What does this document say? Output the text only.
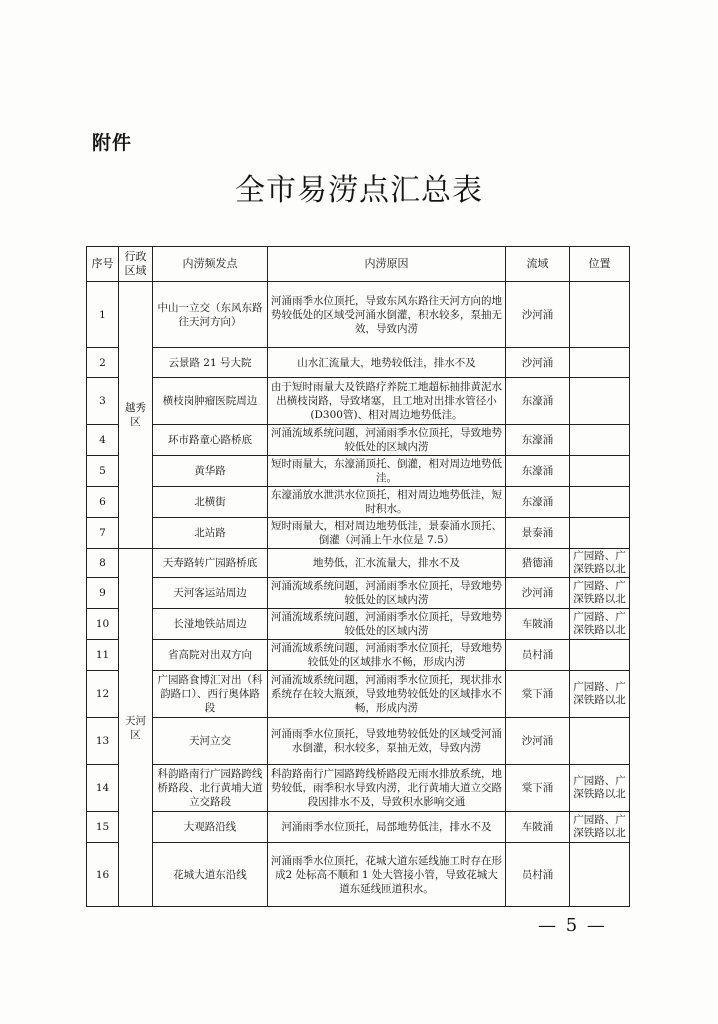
附件
全市易涝点汇总表
序号	行政区域	内涝频发点	内涝原因	流域	位置
1	越秀区	中山一立交（东风东路往天河方向）	河涌雨季水位顶托，导致东风东路往天河方向的地势较低处的区域受河涌水倒灌，积水较多，泵抽无效，导致内涝	沙河涌	
2		云景路 21 号大院	山水汇流量大，地势较低洼，排水不及	沙河涌	
3		横枝岗肿瘤医院周边	由于短时雨量大及铁路疗养院工地超标抽排黄泥水出横枝岗路，导致堵塞，且工地对出排水管径小(D300管)、相对周边地势低洼。	东濠涌	
4		环市路童心路桥底	河涌流域系统问题，河涌雨季水位顶托，导致地势较低处的区域内涝	东濠涌	
5		黄华路	短时雨量大，东濠涌顶托、倒灌，相对周边地势低洼。	东濠涌	
6		北横街	东濠涌放水泄洪水位顶托，相对周边地势低洼，短时积水。	东濠涌	
7		北站路	短时雨量大，相对周边地势低洼，景泰涌水顶托、倒灌（河涌上午水位是 7.5）	景泰涌	
8	天河区	天寿路转广园路桥底	地势低，汇水流量大，排水不及	猎德涌	广园路、广深铁路以北
9		天河客运站周边	河涌流域系统问题，河涌雨季水位顶托，导致地势较低处的区域内涝	沙河涌	广园路、广深铁路以北
10		长湴地铁站周边	河涌流域系统问题，河涌雨季水位顶托，导致地势较低处的区域内涝	车陂涌	广园路、广深铁路以北
11		省高院对出双方向	河涌流域系统问题，河涌雨季水位顶托，导致地势较低处的区域排水不畅，形成内涝	员村涌	
12		广园路食博汇对出（科韵路口）、西行奥体路段	河涌流域系统问题，河涌雨季水位顶托，现状排水系统存在较大瓶颈，导致地势较低处的区域排水不畅，形成内涝	棠下涌	广园路、广深铁路以北
13		天河立交	河涌雨季水位顶托，导致地势较低处的区域受河涌水倒灌，积水较多，泵抽无效，导致内涝	沙河涌	
14		科韵路南行广园路跨线桥路段、北行黄埔大道立交路段	科韵路南行广园路跨线桥路段无雨水排放系统，地势较低，雨季积水导致内涝，北行黄埔大道立交路段因排水不及，导致积水影响交通	棠下涌	广园路、广深铁路以北
15		大观路沿线	河涌雨季水位顶托，局部地势低洼，排水不及	车陂涌	广园路、广深铁路以北
16		花城大道东沿线	河涌雨季水位顶托，花城大道东延线施工时存在形成2 处标高不顺和 1 处大管接小管，导致花城大道东延线匝道积水。	员村涌	
— 5 —
